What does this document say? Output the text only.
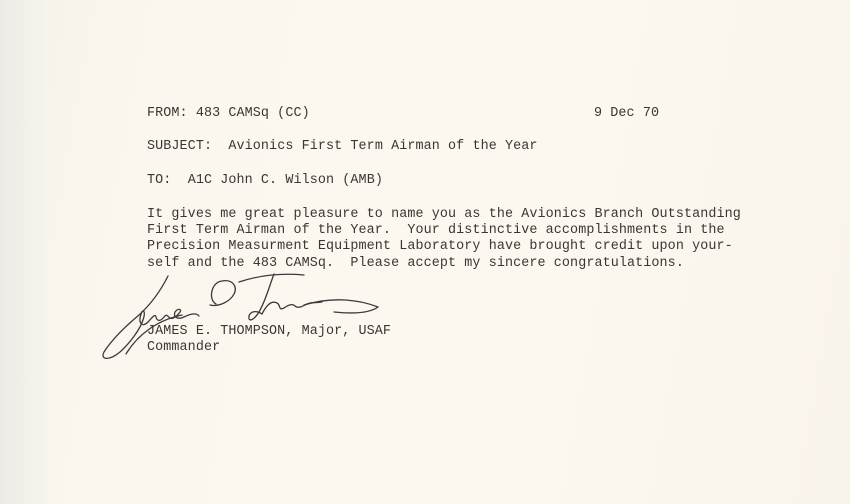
FROM: 483 CAMSq (CC)	9 Dec 70
SUBJECT: Avionics First Term Airman of the Year
TO: A1C John C. Wilson (AMB)
It gives me great pleasure to name you as the Avionics Branch Outstanding
First Term Airman of the Year.  Your distinctive accomplishments in the
Precision Measurment Equipment Laboratory have brought credit upon your-
self and the 483 CAMSq.  Please accept my sincere congratulations.
JAMES E. THOMPSON, Major, USAF
Commander
